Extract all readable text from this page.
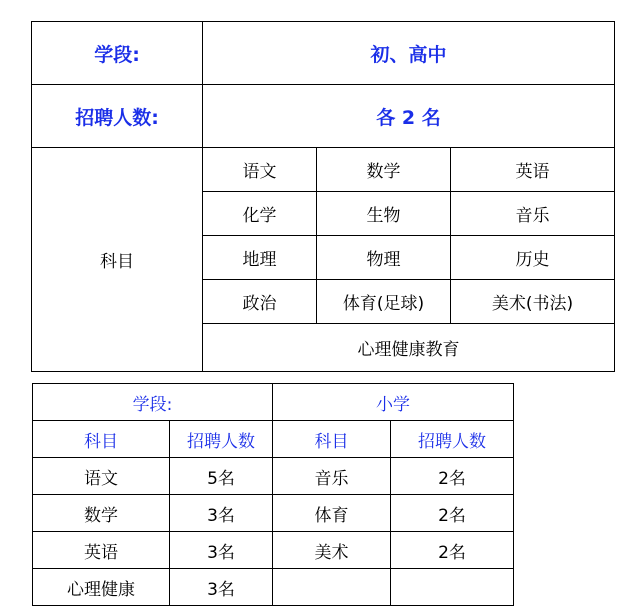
学段:	初、高中		
招聘人数:	各 2 名		
科目	语文	数学	英语
	化学	生物	音乐
	地理	物理	历史
	政治	体育(足球)	美术(书法)
	心理健康教育		
学段:		小学	
科目	招聘人数	科目	招聘人数
语文	5名	音乐	2名
数学	3名	体育	2名
英语	3名	美术	2名
心理健康	3名		
